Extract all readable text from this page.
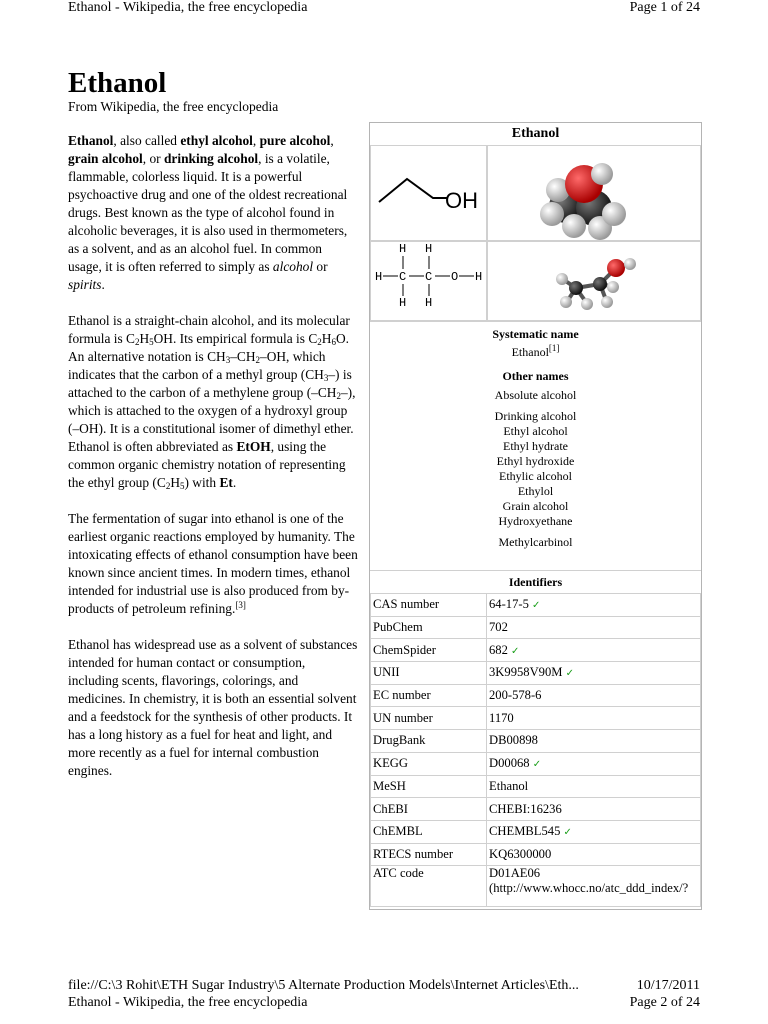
Ethanol - Wikipedia, the free encyclopedia	Page 1 of 24
Ethanol
From Wikipedia, the free encyclopedia

Ethanol, also called ethyl alcohol, pure alcohol, grain alcohol, or drinking alcohol, is a volatile, flammable, colorless liquid. It is a powerful psychoactive drug and one of the oldest recreational drugs. Best known as the type of alcohol found in alcoholic beverages, it is also used in thermometers, as a solvent, and as an alcohol fuel. In common usage, it is often referred to simply as alcohol or spirits.

Ethanol is a straight-chain alcohol, and its molecular formula is $C_2H_5OH$. Its empirical formula is $C_2H_6O$. An alternative notation is $CH_3-CH_2-OH$, which indicates that the carbon of a methyl group $(CH_3-)$ is attached to the carbon of a methylene group $(-CH_2-)$, which is attached to the oxygen of a hydroxyl group (–OH). It is a constitutional isomer of dimethyl ether. Ethanol is often abbreviated as EtOH, using the common organic chemistry notation of representing the ethyl group $(C_2H_5)$ with Et.

The fermentation of sugar into ethanol is one of the earliest organic reactions employed by humanity. The intoxicating effects of ethanol consumption have been known since ancient times. In modern times, ethanol intended for industrial use is also produced from by-products of petroleum refining.[3]

Ethanol has widespread use as a solvent of substances intended for human contact or consumption, including scents, flavorings, colorings, and medicines. In chemistry, it is both an essential solvent and a feedstock for the synthesis of other products. It has a long history as a fuel for heat and light, and more recently as a fuel for internal combustion engines.

Ethanol
OH
H H
H C C O H
H H
Systematic name
Ethanol[1]
Other names
Absolute alcohol
Drinking alcohol
Ethyl alcohol
Ethyl hydrate
Ethyl hydroxide
Ethylic alcohol
Ethylol
Grain alcohol
Hydroxyethane
Methylcarbinol
Identifiers
CAS number	64-17-5 ✓
PubChem	702
ChemSpider	682 ✓
UNII	3K9958V90M ✓
EC number	200-578-6
UN number	1170
DrugBank	DB00898
KEGG	D00068 ✓
MeSH	Ethanol
ChEBI	CHEBI:16236
ChEMBL	CHEMBL545 ✓
RTECS number	KQ6300000
ATC code	D01AE06
(http://www.whocc.no/atc_ddd_index/?
file://C:\3 Rohit\ETH Sugar Industry\5 Alternate Production Models\Internet Articles\Eth...	10/17/2011
Ethanol - Wikipedia, the free encyclopedia	Page 2 of 24
